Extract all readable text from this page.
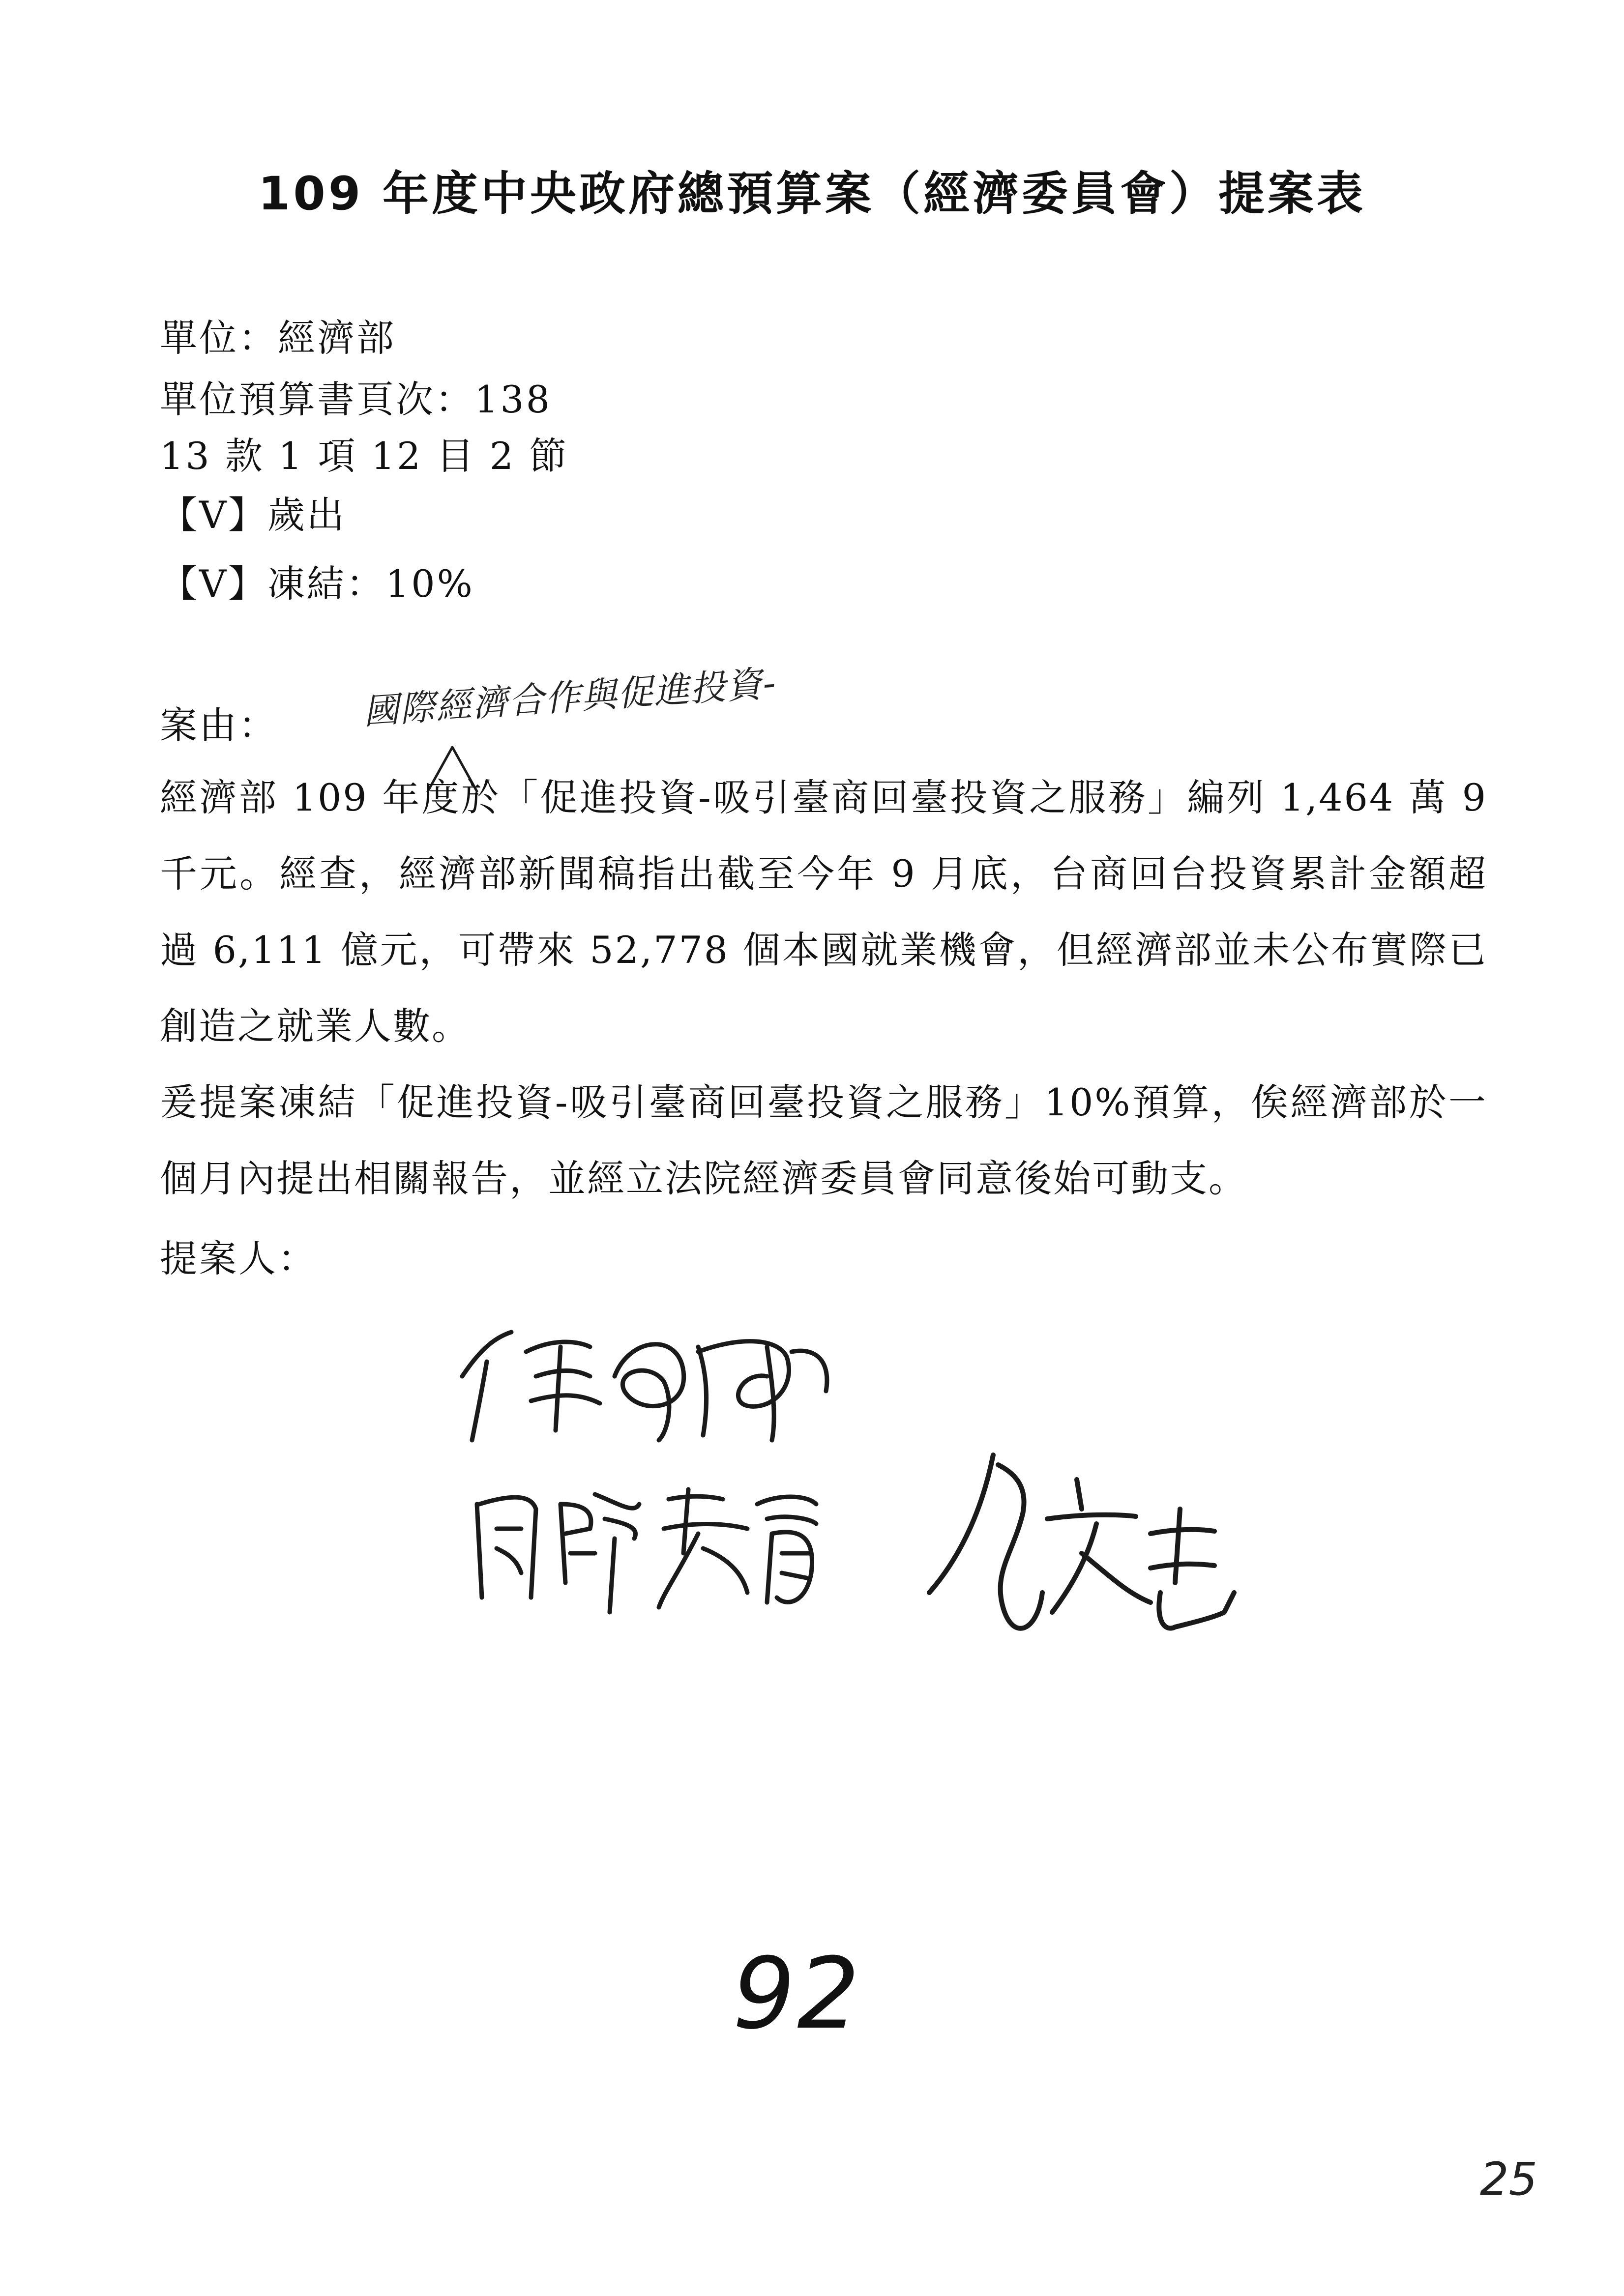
109 年度中央政府總預算案（經濟委員會）提案表
單位：經濟部
單位預算書頁次：138
13 款 1 項 12 目 2 節
【V】歲出
【V】凍結：10%
案由： 國際經濟合作與促進投資-

經濟部 109 年度於「促進投資-吸引臺商回臺投資之服務」編列 1,464 萬 9 千元。經查，經濟部新聞稿指出截至今年 9 月底，台商回台投資累計金額超過 6,111 億元，可帶來 52,778 個本國就業機會，但經濟部並未公布實際已創造之就業人數。

爰提案凍結「促進投資-吸引臺商回臺投資之服務」10%預算，俟經濟部於一個月內提出相關報告，並經立法院經濟委員會同意後始可動支。

提案人：
92
25
